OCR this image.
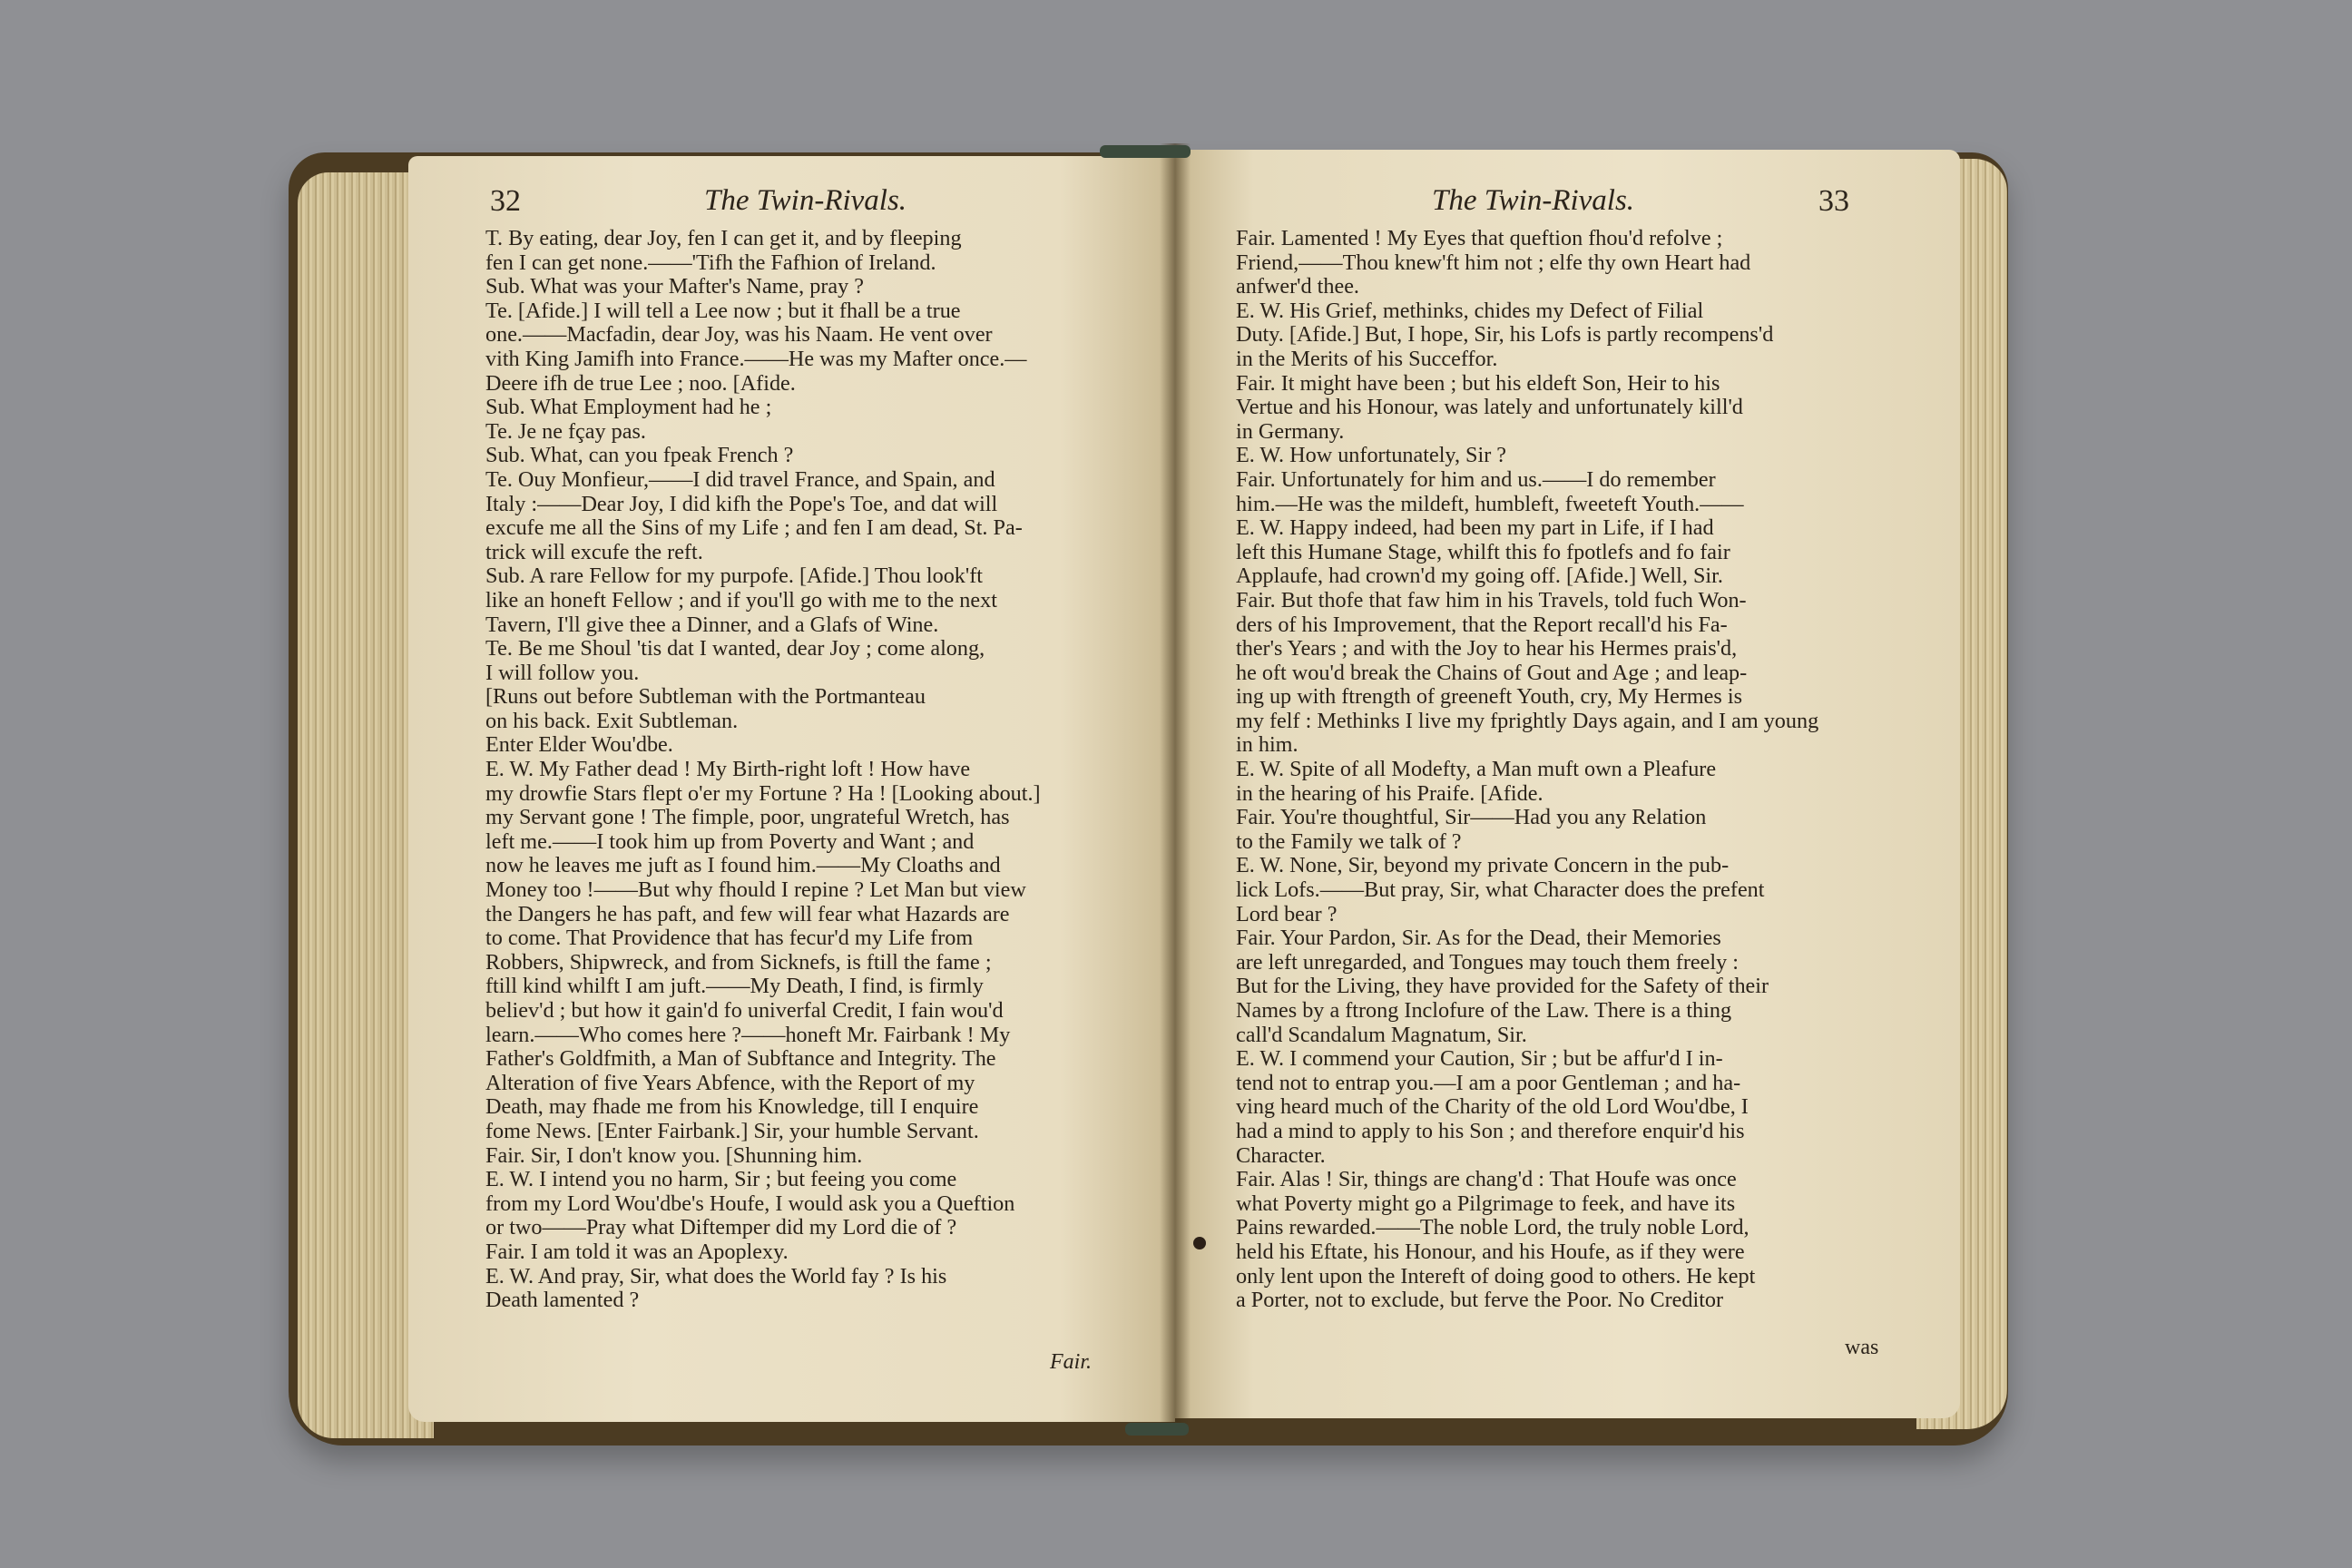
32	The Twin-Rivals.

T. By eating, dear Joy, fen I can get it, and by fleeping

fen I can get none.——'Tifh the Fafhion of Ireland.

Sub. What was your Mafter's Name, pray ?

Te. [Afide.] I will tell a Lee now ; but it fhall be a true

one.——Macfadin, dear Joy, was his Naam. He vent over

vith King Jamifh into France.——He was my Mafter once.—

Deere ifh de true Lee ; noo. [Afide.

Sub. What Employment had he ;

Te. Je ne fçay pas.

Sub. What, can you fpeak French ?

Te. Ouy Monfieur,——I did travel France, and Spain, and

Italy :——Dear Joy, I did kifh the Pope's Toe, and dat will

excufe me all the Sins of my Life ; and fen I am dead, St. Pa-

trick will excufe the reft.

Sub. A rare Fellow for my purpofe. [Afide.] Thou look'ft

like an honeft Fellow ; and if you'll go with me to the next

Tavern, I'll give thee a Dinner, and a Glafs of Wine.

Te. Be me Shoul 'tis dat I wanted, dear Joy ; come along,

I will follow you.

[Runs out before Subtleman with the Portmanteau

on his back. Exit Subtleman.

Enter Elder Wou'dbe.

E. W. My Father dead ! My Birth-right loft ! How have

my drowfie Stars flept o'er my Fortune ? Ha ! [Looking about.]

my Servant gone ! The fimple, poor, ungrateful Wretch, has

left me.——I took him up from Poverty and Want ; and

now he leaves me juft as I found him.——My Cloaths and

Money too !——But why fhould I repine ? Let Man but view

the Dangers he has paft, and few will fear what Hazards are

to come. That Providence that has fecur'd my Life from

Robbers, Shipwreck, and from Sicknefs, is ftill the fame ;

ftill kind whilft I am juft.——My Death, I find, is firmly

believ'd ; but how it gain'd fo univerfal Credit, I fain wou'd

learn.——Who comes here ?——honeft Mr. Fairbank ! My

Father's Goldfmith, a Man of Subftance and Integrity. The

Alteration of five Years Abfence, with the Report of my

Death, may fhade me from his Knowledge, till I enquire

fome News. [Enter Fairbank.] Sir, your humble Servant.

Fair. Sir, I don't know you. [Shunning him.

E. W. I intend you no harm, Sir ; but feeing you come

from my Lord Wou'dbe's Houfe, I would ask you a Queftion

or two——Pray what Diftemper did my Lord die of ?

Fair. I am told it was an Apoplexy.

E. W. And pray, Sir, what does the World fay ? Is his

Death lamented ?

Fair.
The Twin-Rivals.	33

Fair. Lamented ! My Eyes that queftion fhou'd refolve ;

Friend,——Thou knew'ft him not ; elfe thy own Heart had

anfwer'd thee.

E. W. His Grief, methinks, chides my Defect of Filial

Duty. [Afide.] But, I hope, Sir, his Lofs is partly recompens'd

in the Merits of his Succeffor.

Fair. It might have been ; but his eldeft Son, Heir to his

Vertue and his Honour, was lately and unfortunately kill'd

in Germany.

E. W. How unfortunately, Sir ?

Fair. Unfortunately for him and us.——I do remember

him.—He was the mildeft, humbleft, fweeteft Youth.——

E. W. Happy indeed, had been my part in Life, if I had

left this Humane Stage, whilft this fo fpotlefs and fo fair

Applaufe, had crown'd my going off. [Afide.] Well, Sir.

Fair. But thofe that faw him in his Travels, told fuch Won-

ders of his Improvement, that the Report recall'd his Fa-

ther's Years ; and with the Joy to hear his Hermes prais'd,

he oft wou'd break the Chains of Gout and Age ; and leap-

ing up with ftrength of greeneft Youth, cry, My Hermes is

my felf : Methinks I live my fprightly Days again, and I am young

in him.

E. W. Spite of all Modefty, a Man muft own a Pleafure

in the hearing of his Praife. [Afide.

Fair. You're thoughtful, Sir——Had you any Relation

to the Family we talk of ?

E. W. None, Sir, beyond my private Concern in the pub-

lick Lofs.——But pray, Sir, what Character does the prefent

Lord bear ?

Fair. Your Pardon, Sir. As for the Dead, their Memories

are left unregarded, and Tongues may touch them freely :

But for the Living, they have provided for the Safety of their

Names by a ftrong Inclofure of the Law. There is a thing

call'd Scandalum Magnatum, Sir.

E. W. I commend your Caution, Sir ; but be affur'd I in-

tend not to entrap you.—I am a poor Gentleman ; and ha-

ving heard much of the Charity of the old Lord Wou'dbe, I

had a mind to apply to his Son ; and therefore enquir'd his

Character.

Fair. Alas ! Sir, things are chang'd : That Houfe was once

what Poverty might go a Pilgrimage to feek, and have its

Pains rewarded.——The noble Lord, the truly noble Lord,

held his Eftate, his Honour, and his Houfe, as if they were

only lent upon the Intereft of doing good to others. He kept

a Porter, not to exclude, but ferve the Poor. No Creditor

was
